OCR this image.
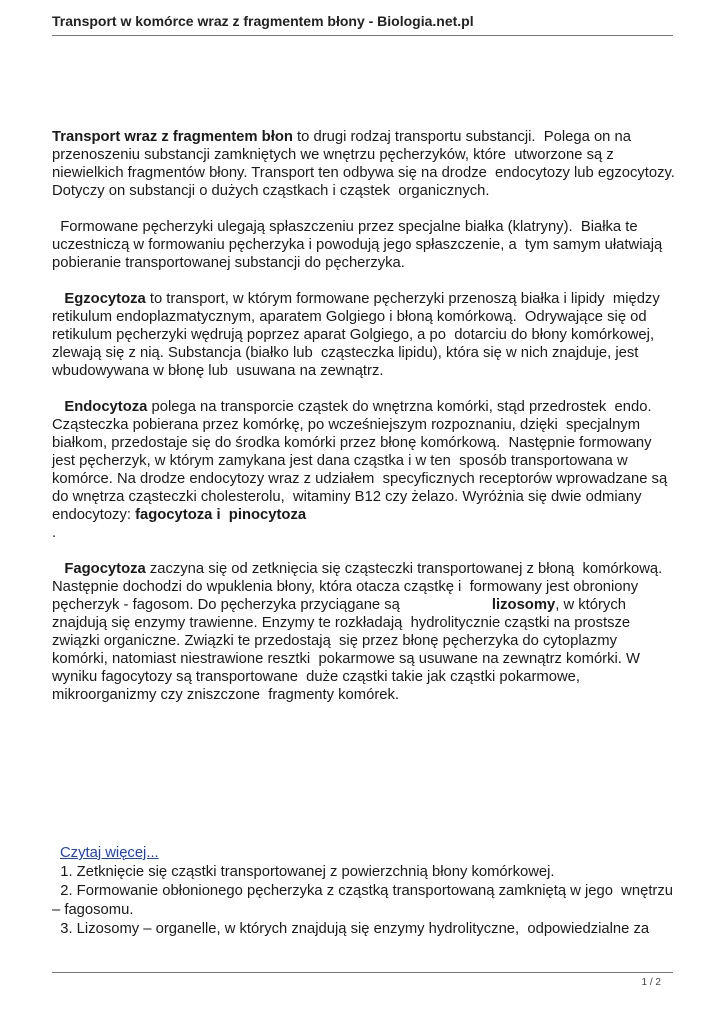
Transport w komórce wraz z fragmentem błony - Biologia.net.pl

Transport wraz z fragmentem błon to drugi rodzaj transportu substancji.  Polega on na przenoszeniu substancji zamkniętych we wnętrzu pęcherzyków, które  utworzone są z niewielkich fragmentów błony. Transport ten odbywa się na drodze  endocytozy lub egzocytozy. Dotyczy on substancji o dużych cząstkach i cząstek  organicznych.

Formowane pęcherzyki ulegają spłaszczeniu przez specjalne białka (klatryny).  Białka te uczestniczą w formowaniu pęcherzyka i powodują jego spłaszczenie, a  tym samym ułatwiają pobieranie transportowanej substancji do pęcherzyka.

Egzocytoza to transport, w którym formowane pęcherzyki przenoszą białka i lipidy  między retikulum endoplazmatycznym, aparatem Golgiego i błoną komórkową.  Odrywające się od retikulum pęcherzyki wędrują poprzez aparat Golgiego, a po  dotarciu do błony komórkowej, zlewają się z nią. Substancja (białko lub  cząsteczka lipidu), która się w nich znajduje, jest wbudowywana w błonę lub  usuwana na zewnątrz.

Endocytoza polega na transporcie cząstek do wnętrzna komórki, stąd przedrostek  endo. Cząsteczka pobierana przez komórkę, po wcześniejszym rozpoznaniu, dzięki  specjalnym białkom, przedostaje się do środka komórki przez błonę komórkową.  Następnie formowany jest pęcherzyk, w którym zamykana jest dana cząstka i w ten  sposób transportowana w komórce. Na drodze endocytozy wraz z udziałem  specyficznych receptorów wprowadzane są do wnętrza cząsteczki cholesterolu,  witaminy B12 czy żelazo. Wyróżnia się dwie odmiany endocytozy: fagocytoza i  pinocytoza

.

Fagocytoza zaczyna się od zetknięcia się cząsteczki transportowanej z błoną  komórkową. Następnie dochodzi do wpuklenia błony, która otacza cząstkę i  formowany jest obroniony pęcherzyk - fagosom. Do pęcherzyka przyciągane są	lizosomy, w których znajdują się enzymy trawienne. Enzymy te rozkładają  hydrolitycznie cząstki na prostsze związki organiczne. Związki te przedostają  się przez błonę pęcherzyka do cytoplazmy komórki, natomiast niestrawione resztki  pokarmowe są usuwane na zewnątrz komórki. W wyniku fagocytozy są transportowane  duże cząstki takie jak cząstki pokarmowe, mikroorganizmy czy zniszczone  fragmenty komórek.

Czytaj więcej...

1. Zetknięcie się cząstki transportowanej z powierzchnią błony komórkowej.

2. Formowanie obłonionego pęcherzyka z cząstką transportowaną zamkniętą w jego  wnętrzu – fagosomu.

3. Lizosomy – organelle, w których znajdują się enzymy hydrolityczne,  odpowiedzialne za

1 / 2
